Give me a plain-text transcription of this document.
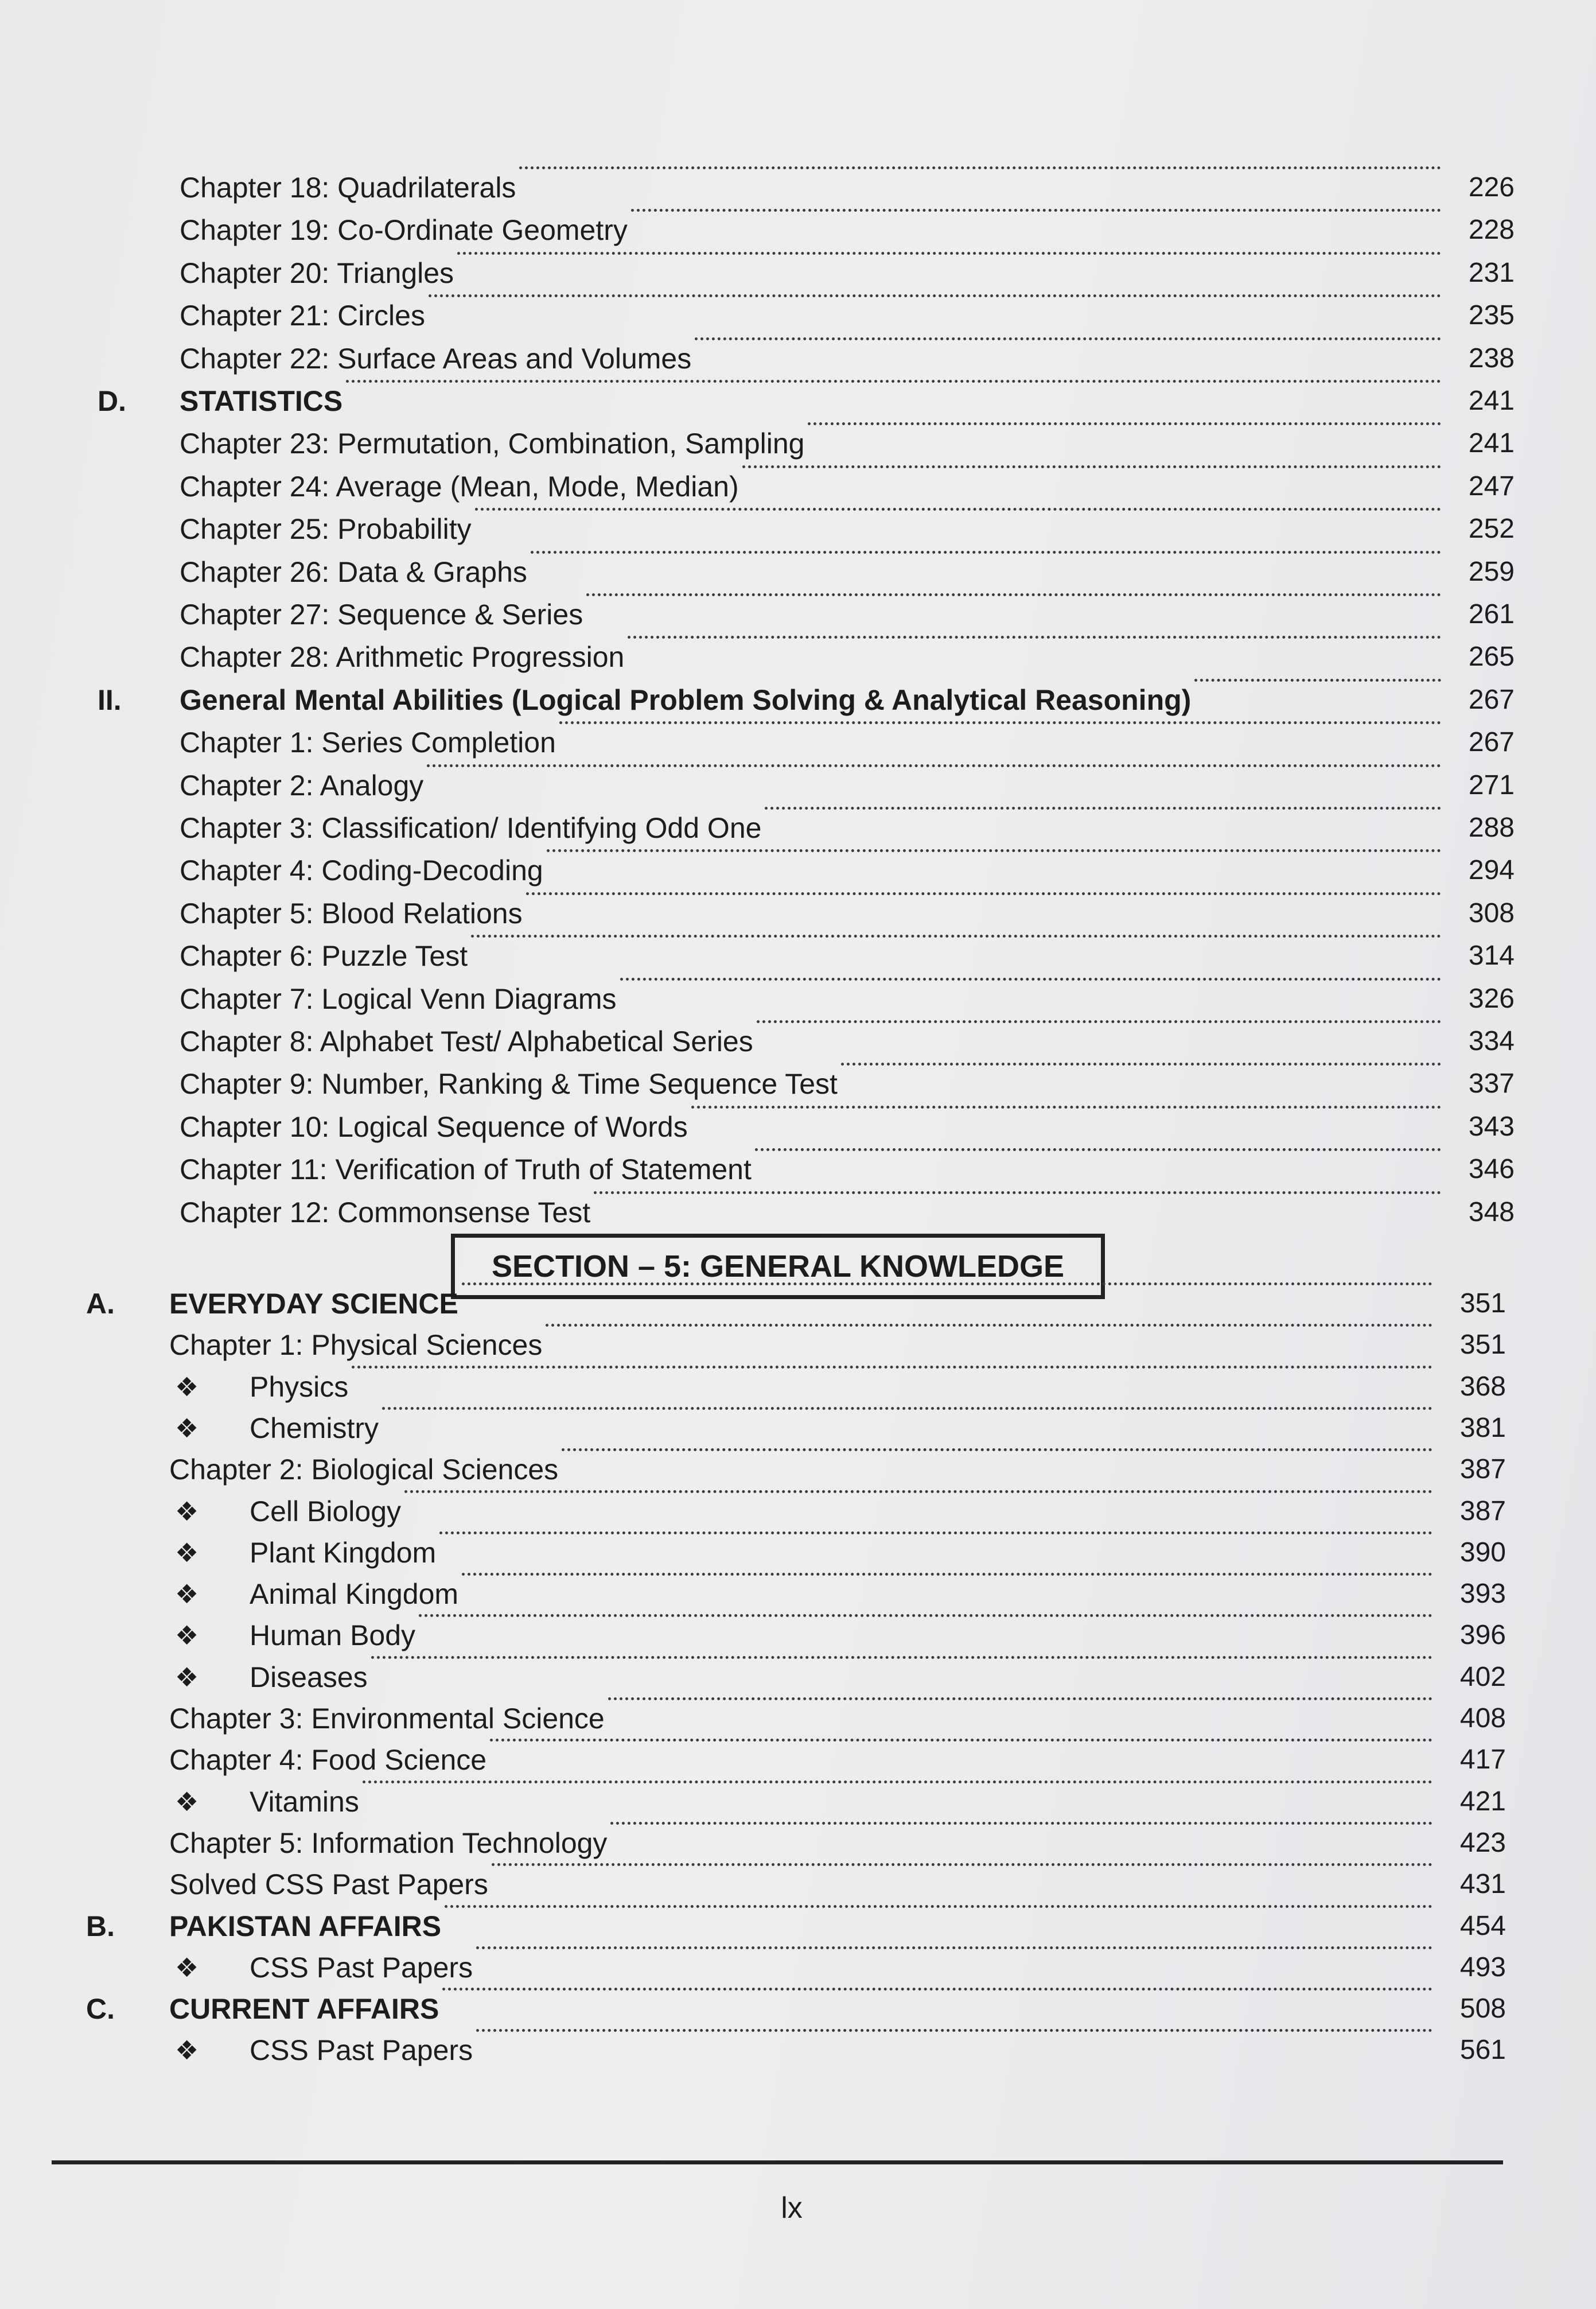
Chapter 18: Quadrilaterals	226
Chapter 19: Co-Ordinate Geometry	228
Chapter 20: Triangles	231
Chapter 21: Circles	235
Chapter 22: Surface Areas and Volumes	238
D. STATISTICS	241
Chapter 23: Permutation, Combination, Sampling	241
Chapter 24: Average (Mean, Mode, Median)	247
Chapter 25: Probability	252
Chapter 26: Data & Graphs	259
Chapter 27: Sequence & Series	261
Chapter 28: Arithmetic Progression	265
II. General Mental Abilities (Logical Problem Solving & Analytical Reasoning)	267
Chapter 1: Series Completion	267
Chapter 2: Analogy	271
Chapter 3: Classification/ Identifying Odd One	288
Chapter 4: Coding-Decoding	294
Chapter 5: Blood Relations	308
Chapter 6: Puzzle Test	314
Chapter 7: Logical Venn Diagrams	326
Chapter 8: Alphabet Test/ Alphabetical Series	334
Chapter 9: Number, Ranking & Time Sequence Test	337
Chapter 10: Logical Sequence of Words	343
Chapter 11: Verification of Truth of Statement	346
Chapter 12: Commonsense Test	348
SECTION – 5: GENERAL KNOWLEDGE
A. EVERYDAY SCIENCE	351
Chapter 1: Physical Sciences	351
❖ Physics	368
❖ Chemistry	381
Chapter 2: Biological Sciences	387
❖ Cell Biology	387
❖ Plant Kingdom	390
❖ Animal Kingdom	393
❖ Human Body	396
❖ Diseases	402
Chapter 3: Environmental Science	408
Chapter 4: Food Science	417
❖ Vitamins	421
Chapter 5: Information Technology	423
Solved CSS Past Papers	431
B. PAKISTAN AFFAIRS	454
❖ CSS Past Papers	493
C. CURRENT AFFAIRS	508
❖ CSS Past Papers	561
lx
